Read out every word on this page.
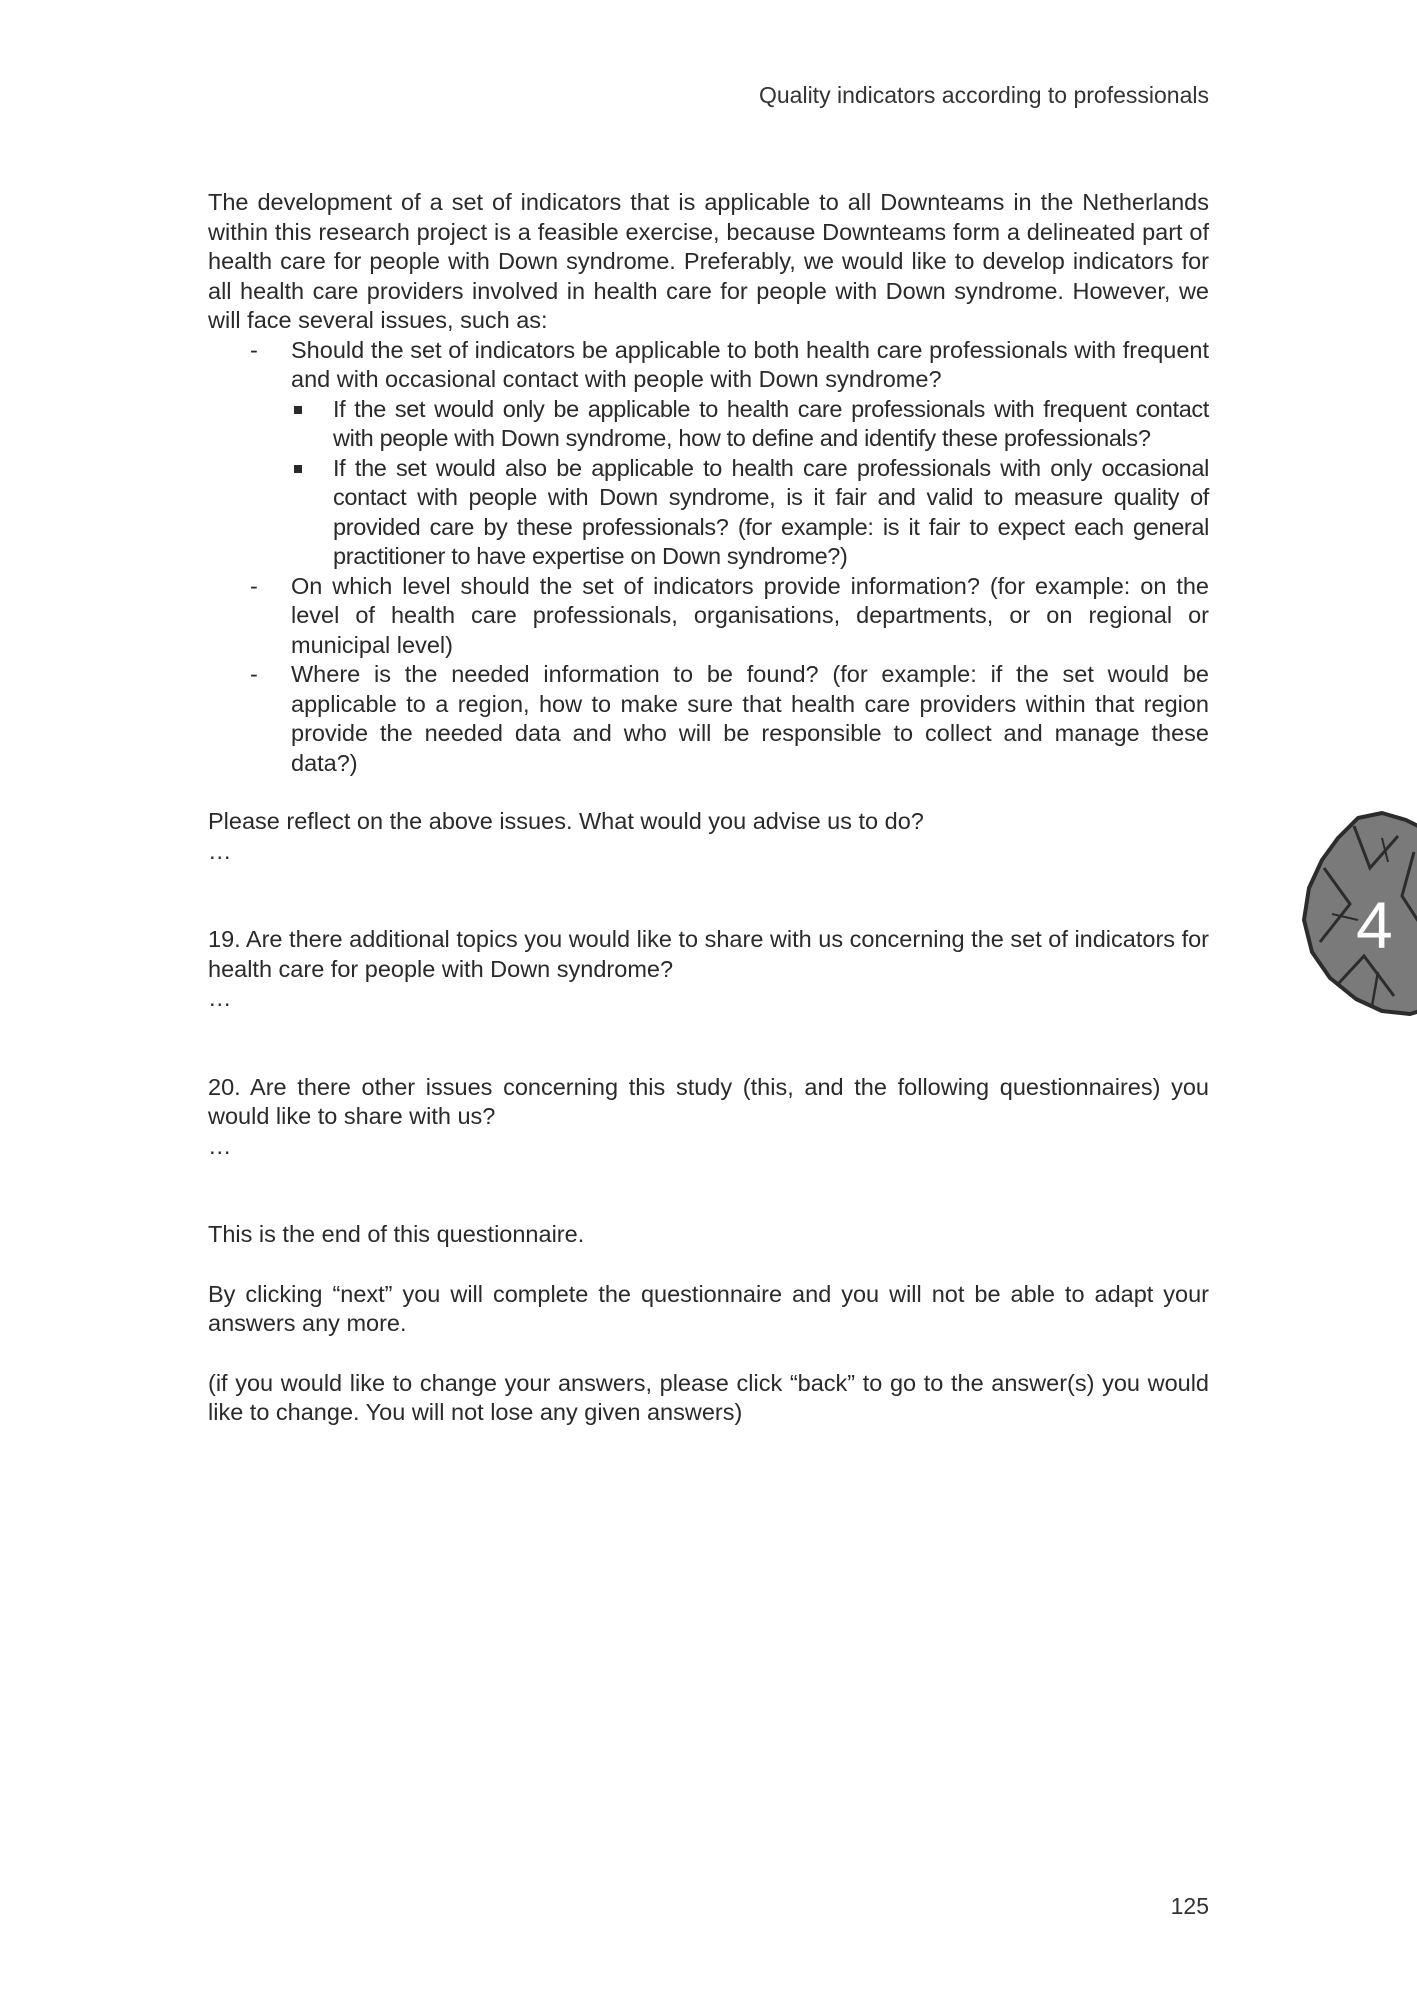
Quality indicators according to professionals

The development of a set of indicators that is applicable to all Downteams in the Netherlands within this research project is a feasible exercise, because Downteams form a delineated part of health care for people with Down syndrome. Preferably, we would like to develop indicators for all health care providers involved in health care for people with Down syndrome. However, we will face several issues, such as:

- Should the set of indicators be applicable to both health care professionals with frequent and with occasional contact with people with Down syndrome?
If the set would only be applicable to health care professionals with frequent contact with people with Down syndrome, how to define and identify these professionals?
If the set would also be applicable to health care professionals with only occasional contact with people with Down syndrome, is it fair and valid to measure quality of provided care by these professionals? (for example: is it fair to expect each general practitioner to have expertise on Down syndrome?)
- On which level should the set of indicators provide information? (for example: on the level of health care professionals, organisations, departments, or on regional or municipal level)
- Where is the needed information to be found? (for example: if the set would be applicable to a region, how to make sure that health care providers within that region provide the needed data and who will be responsible to collect and manage these data?)

Please reflect on the above issues. What would you advise us to do?

…

19. Are there additional topics you would like to share with us concerning the set of indicators for health care for people with Down syndrome?

…

20. Are there other issues concerning this study (this, and the following questionnaires) you would like to share with us?

…

This is the end of this questionnaire.

By clicking “next” you will complete the questionnaire and you will not be able to adapt your answers any more.

(if you would like to change your answers, please click “back” to go to the answer(s) you would like to change. You will not lose any given answers)

4
125
